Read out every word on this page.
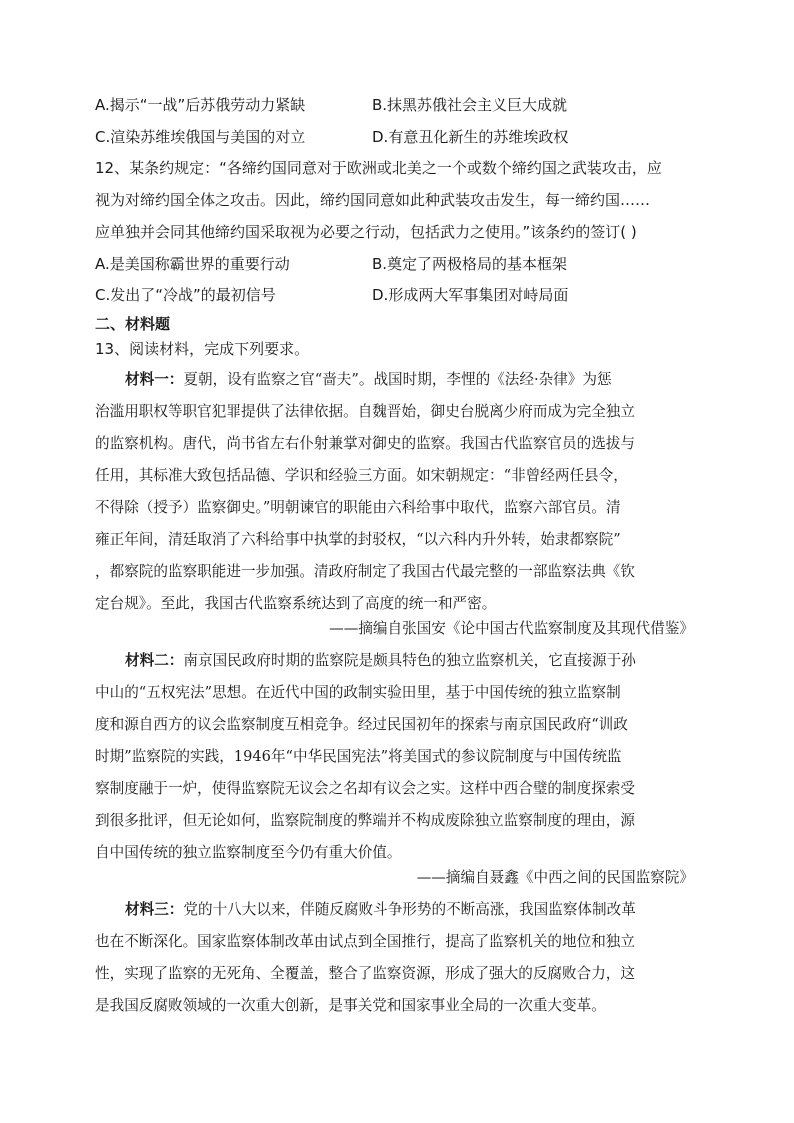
A.揭示“一战”后苏俄劳动力紧缺	B.抹黑苏俄社会主义巨大成就
C.渲染苏维埃俄国与美国的对立	D.有意丑化新生的苏维埃政权
12、某条约规定：“各缔约国同意对于欧洲或北美之一个或数个缔约国之武装攻击，应
视为对缔约国全体之攻击。因此，缔约国同意如此种武装攻击发生，每一缔约国……
应单独并会同其他缔约国采取视为必要之行动，包括武力之使用。”该条约的签订( )
A.是美国称霸世界的重要行动	B.奠定了两极格局的基本框架
C.发出了“冷战”的最初信号	D.形成两大军事集团对峙局面
二、材料题
13、阅读材料，完成下列要求。
材料一：夏朝，设有监察之官“啬夫”。战国时期，李悝的《法经·杂律》为惩
治滥用职权等职官犯罪提供了法律依据。自魏晋始，御史台脱离少府而成为完全独立
的监察机构。唐代，尚书省左右仆射兼掌对御史的监察。我国古代监察官员的选拔与
任用，其标准大致包括品德、学识和经验三方面。如宋朝规定：“非曾经两任县令，
不得除（授予）监察御史。”明朝谏官的职能由六科给事中取代，监察六部官员。清
雍正年间，清廷取消了六科给事中执掌的封驳权，“以六科内升外转，始隶都察院”
，都察院的监察职能进一步加强。清政府制定了我国古代最完整的一部监察法典《钦
定台规》。至此，我国古代监察系统达到了高度的统一和严密。
——摘编自张国安《论中国古代监察制度及其现代借鉴》
材料二：南京国民政府时期的监察院是颇具特色的独立监察机关，它直接源于孙
中山的“五权宪法”思想。在近代中国的政制实验田里，基于中国传统的独立监察制
度和源自西方的议会监察制度互相竞争。经过民国初年的探索与南京国民政府“训政
时期”监察院的实践，1946年“中华民国宪法”将美国式的参议院制度与中国传统监
察制度融于一炉，使得监察院无议会之名却有议会之实。这样中西合璧的制度探索受
到很多批评，但无论如何，监察院制度的弊端并不构成废除独立监察制度的理由，源
自中国传统的独立监察制度至今仍有重大价值。
——摘编自聂鑫《中西之间的民国监察院》
材料三：党的十八大以来，伴随反腐败斗争形势的不断高涨，我国监察体制改革
也在不断深化。国家监察体制改革由试点到全国推行，提高了监察机关的地位和独立
性，实现了监察的无死角、全覆盖，整合了监察资源，形成了强大的反腐败合力，这
是我国反腐败领域的一次重大创新，是事关党和国家事业全局的一次重大变革。
